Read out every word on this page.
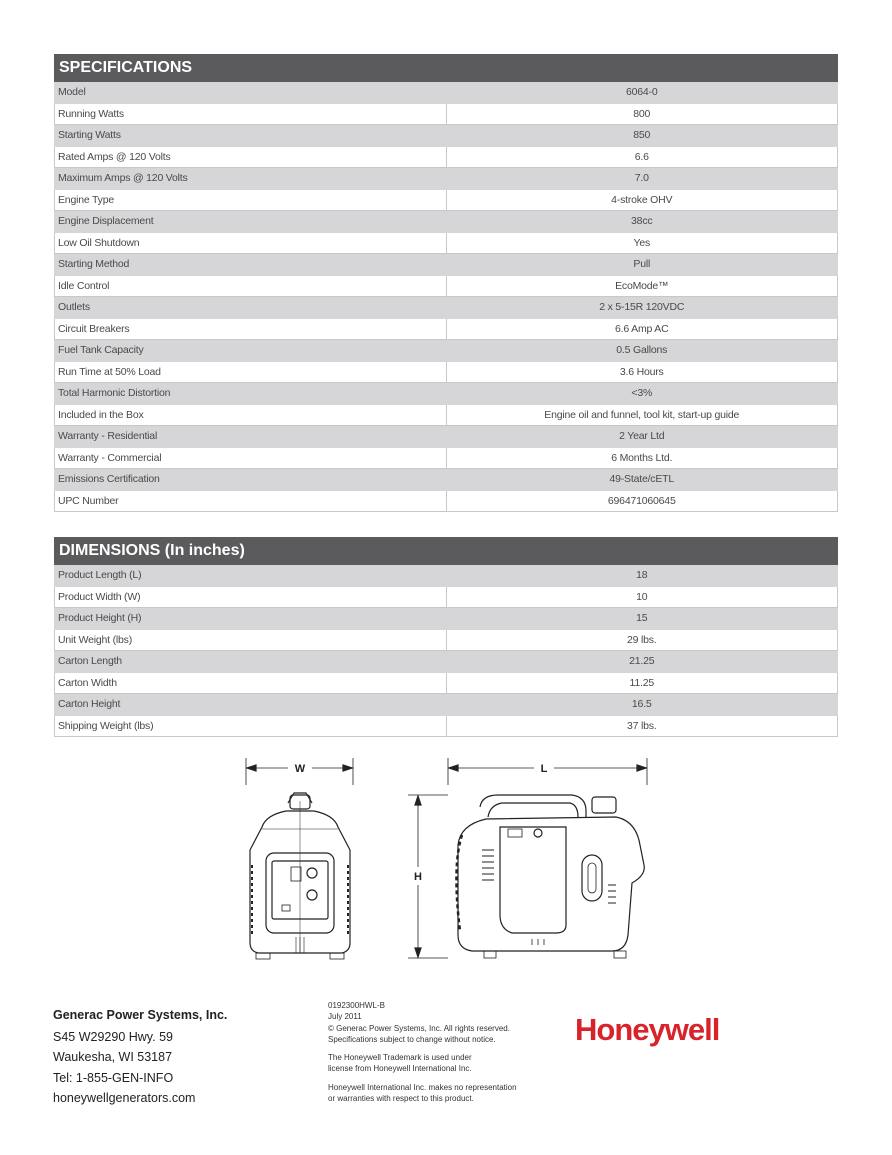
SPECIFICATIONS	
Model	6064-0
Running Watts	800
Starting Watts	850
Rated Amps @ 120 Volts	6.6
Maximum Amps @ 120 Volts	7.0
Engine Type	4-stroke OHV
Engine Displacement	38cc
Low Oil Shutdown	Yes
Starting Method	Pull
Idle Control	EcoMode™
Outlets	2 x 5-15R 120VDC
Circuit Breakers	6.6 Amp AC
Fuel Tank Capacity	0.5 Gallons
Run Time at 50% Load	3.6 Hours
Total Harmonic Distortion	<3%
Included in the Box	Engine oil and funnel, tool kit, start-up guide
Warranty - Residential	2 Year Ltd
Warranty - Commercial	6 Months Ltd.
Emissions Certification	49-State/cETL
UPC Number	696471060645
DIMENSIONS (In inches)	
Product Length (L)	18
Product Width (W)	10
Product Height (H)	15
Unit Weight (lbs)	29 lbs.
Carton Length	21.25
Carton Width	11.25
Carton Height	16.5
Shipping Weight (lbs)	37 lbs.
W	L
H
Generac Power Systems, Inc.
S45 W29290 Hwy. 59
Waukesha, WI 53187
Tel: 1-855-GEN-INFO
honeywellgenerators.com
0192300HWL-B
July 2011
© Generac Power Systems, Inc. All rights reserved.
Specifications subject to change without notice.
The Honeywell Trademark is used under
license from Honeywell International Inc.
Honeywell International Inc. makes no representation
or warranties with respect to this product.
Honeywell
